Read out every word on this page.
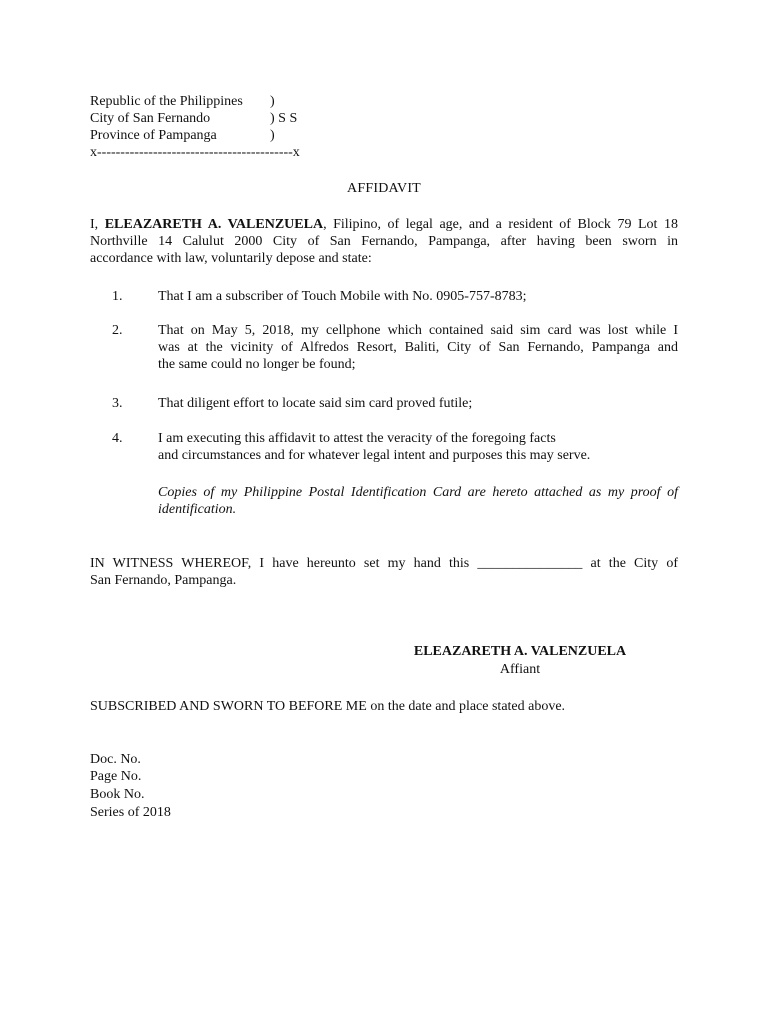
Republic of the Philippines )
City of San Fernando	) S S
Province of Pampanga	)
x------------------------------------------x
AFFIDAVIT
I, ELEAZARETH A. VALENZUELA, Filipino, of legal age, and a resident of Block 79 Lot 18
Northville 14 Calulut 2000 City of San Fernando, Pampanga, after having been sworn in
accordance with law, voluntarily depose and state:
1.	That I am a subscriber of Touch Mobile with No. 0905-757-8783;
2.	That on May 5, 2018, my cellphone which contained said sim card was lost while I
was at the vicinity of Alfredos Resort, Baliti, City of San Fernando, Pampanga and
the same could no longer be found;
3.	That diligent effort to locate said sim card proved futile;
4.	I am executing this affidavit to attest the veracity of the foregoing facts
and circumstances and for whatever legal intent and purposes this may serve.
Copies of my Philippine Postal Identification Card are hereto attached as my proof of
identification.
IN WITNESS WHEREOF, I have hereunto set my hand this _______________ at the City of
San Fernando, Pampanga.
ELEAZARETH A. VALENZUELA
Affiant
SUBSCRIBED AND SWORN TO BEFORE ME on the date and place stated above.
Doc. No.
Page No.
Book No.
Series of 2018
